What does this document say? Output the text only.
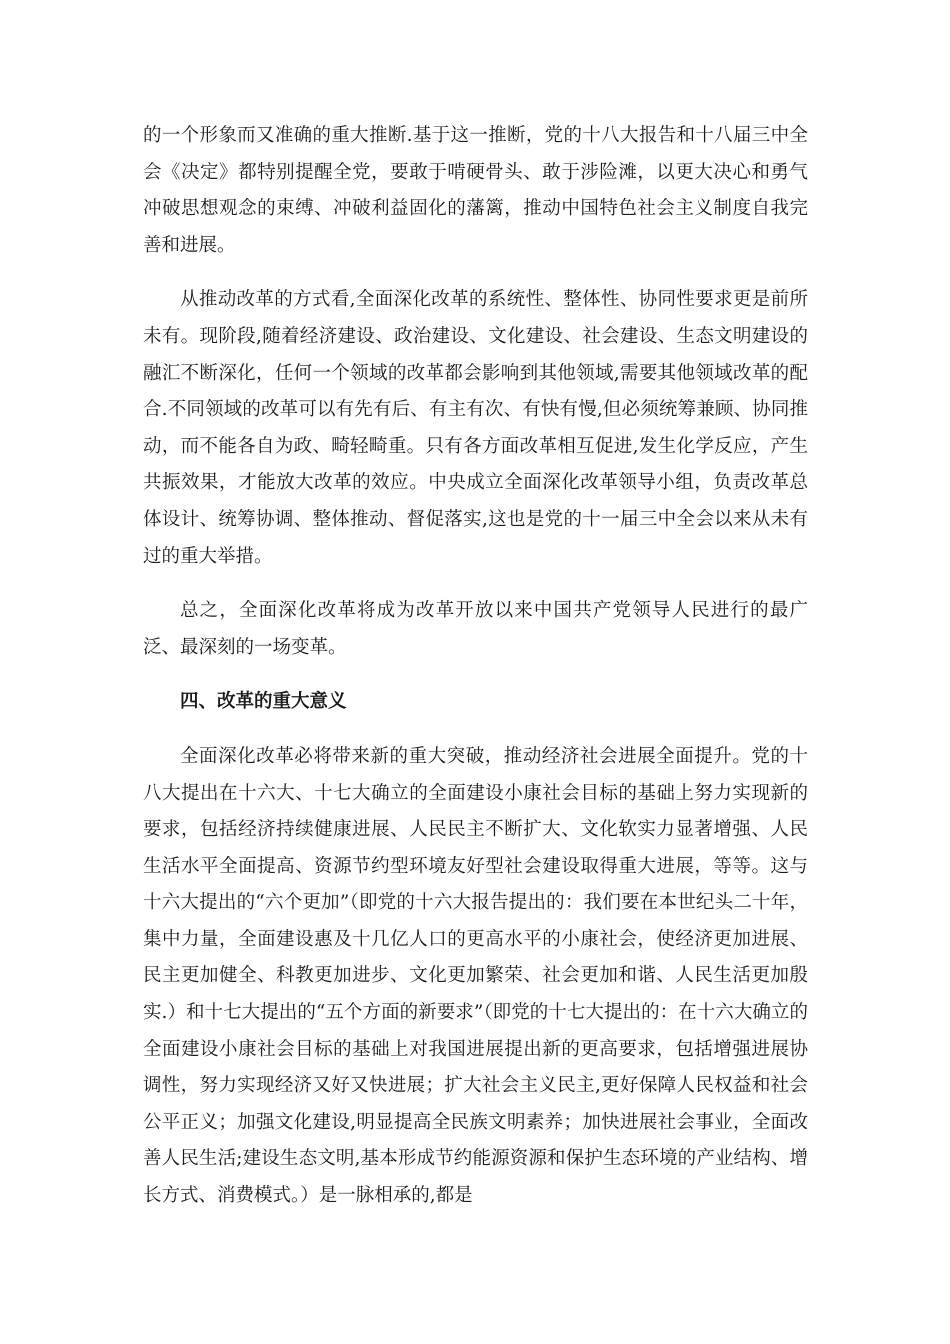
的一个形象而又准确的重大推断.基于这一推断，党的十八大报告和十八届三中全会《决定》都特别提醒全党，要敢于啃硬骨头、敢于涉险滩，以更大决心和勇气冲破思想观念的束缚、冲破利益固化的藩篱，推动中国特色社会主义制度自我完善和进展。

从推动改革的方式看,全面深化改革的系统性、整体性、协同性要求更是前所未有。现阶段,随着经济建设、政治建设、文化建设、社会建设、生态文明建设的融汇不断深化，任何一个领域的改革都会影响到其他领域,需要其他领域改革的配合.不同领域的改革可以有先有后、有主有次、有快有慢,但必须统筹兼顾、协同推动，而不能各自为政、畸轻畸重。只有各方面改革相互促进,发生化学反应，产生共振效果，才能放大改革的效应。中央成立全面深化改革领导小组，负责改革总体设计、统筹协调、整体推动、督促落实,这也是党的十一届三中全会以来从未有过的重大举措。

总之，全面深化改革将成为改革开放以来中国共产党领导人民进行的最广泛、最深刻的一场变革。

四、改革的重大意义

全面深化改革必将带来新的重大突破，推动经济社会进展全面提升。党的十八大提出在十六大、十七大确立的全面建设小康社会目标的基础上努力实现新的要求，包括经济持续健康进展、人民民主不断扩大、文化软实力显著增强、人民生活水平全面提高、资源节约型环境友好型社会建设取得重大进展，等等。这与十六大提出的“六个更加”（即党的十六大报告提出的：我们要在本世纪头二十年，集中力量，全面建设惠及十几亿人口的更高水平的小康社会，使经济更加进展、民主更加健全、科教更加进步、文化更加繁荣、社会更加和谐、人民生活更加殷实.）和十七大提出的“五个方面的新要求”（即党的十七大提出的：在十六大确立的全面建设小康社会目标的基础上对我国进展提出新的更高要求，包括增强进展协调性，努力实现经济又好又快进展；扩大社会主义民主,更好保障人民权益和社会公平正义；加强文化建设,明显提高全民族文明素养；加快进展社会事业，全面改善人民生活;建设生态文明,基本形成节约能源资源和保护生态环境的产业结构、增长方式、消费模式。）是一脉相承的,都是
